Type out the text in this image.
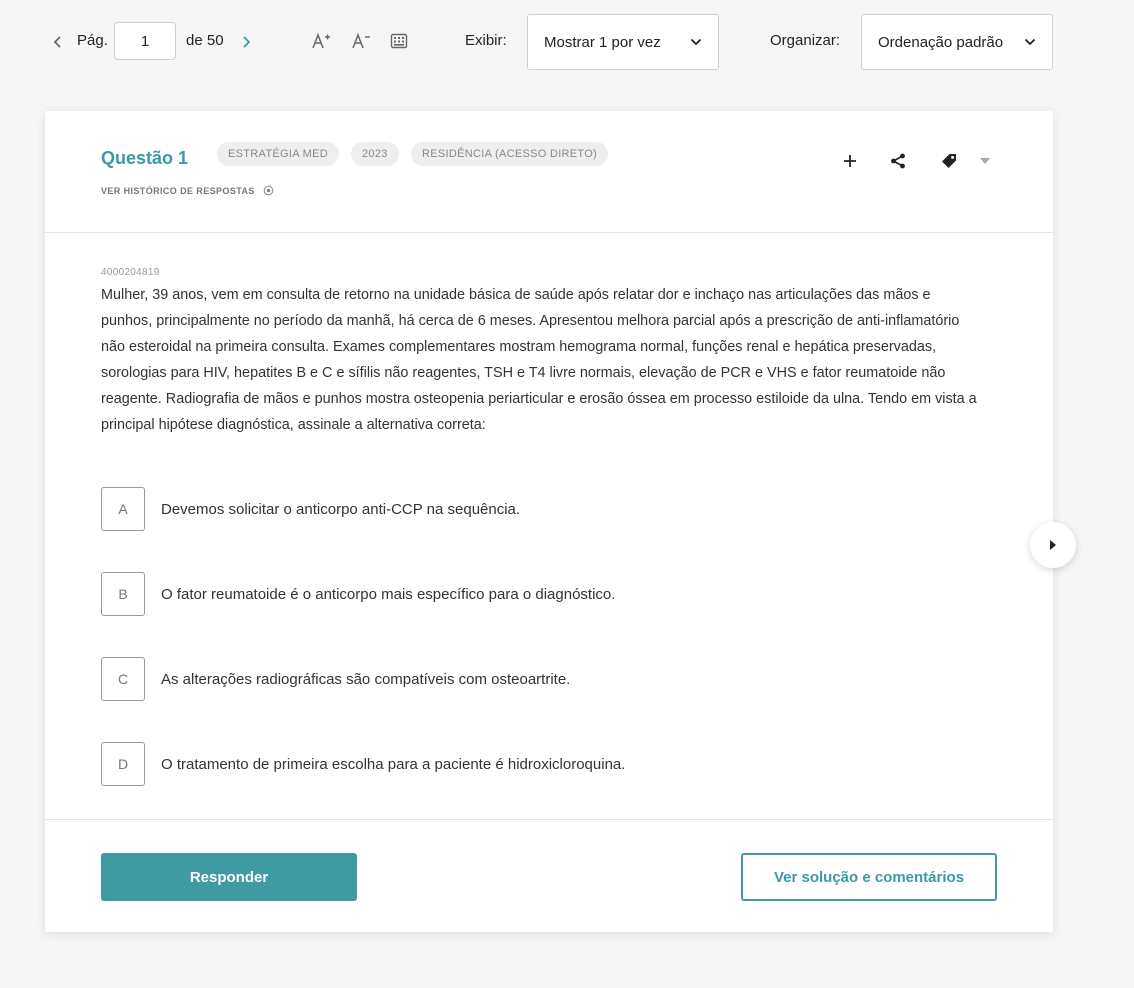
Pág.
1	de 50	Exibir: Mostrar 1 por vez	Organizar:	Ordenação padrão
Questão 1	ESTRATÉGIA MED	2023	RESIDÊNCIA (ACESSO DIRETO)
VER HISTÓRICO DE RESPOSTAS
4000204819

Mulher, 39 anos, vem em consulta de retorno na unidade básica de saúde após relatar dor e inchaço nas articulações das mãos e punhos, principalmente no período da manhã, há cerca de 6 meses. Apresentou melhora parcial após a prescrição de anti-inflamatório não esteroidal na primeira consulta. Exames complementares mostram hemograma normal, funções renal e hepática preservadas, sorologias para HIV, hepatites B e C e sífilis não reagentes, TSH e T4 livre normais, elevação de PCR e VHS e fator reumatoide não reagente. Radiografia de mãos e punhos mostra osteopenia periarticular e erosão óssea em processo estiloide da ulna. Tendo em vista a principal hipótese diagnóstica, assinale a alternativa correta:

A	Devemos solicitar o anticorpo anti-CCP na sequência.
B	O fator reumatoide é o anticorpo mais específico para o diagnóstico.
C	As alterações radiográficas são compatíveis com osteoartrite.
D	O tratamento de primeira escolha para a paciente é hidroxicloroquina.
Responder	Ver solução e comentários
